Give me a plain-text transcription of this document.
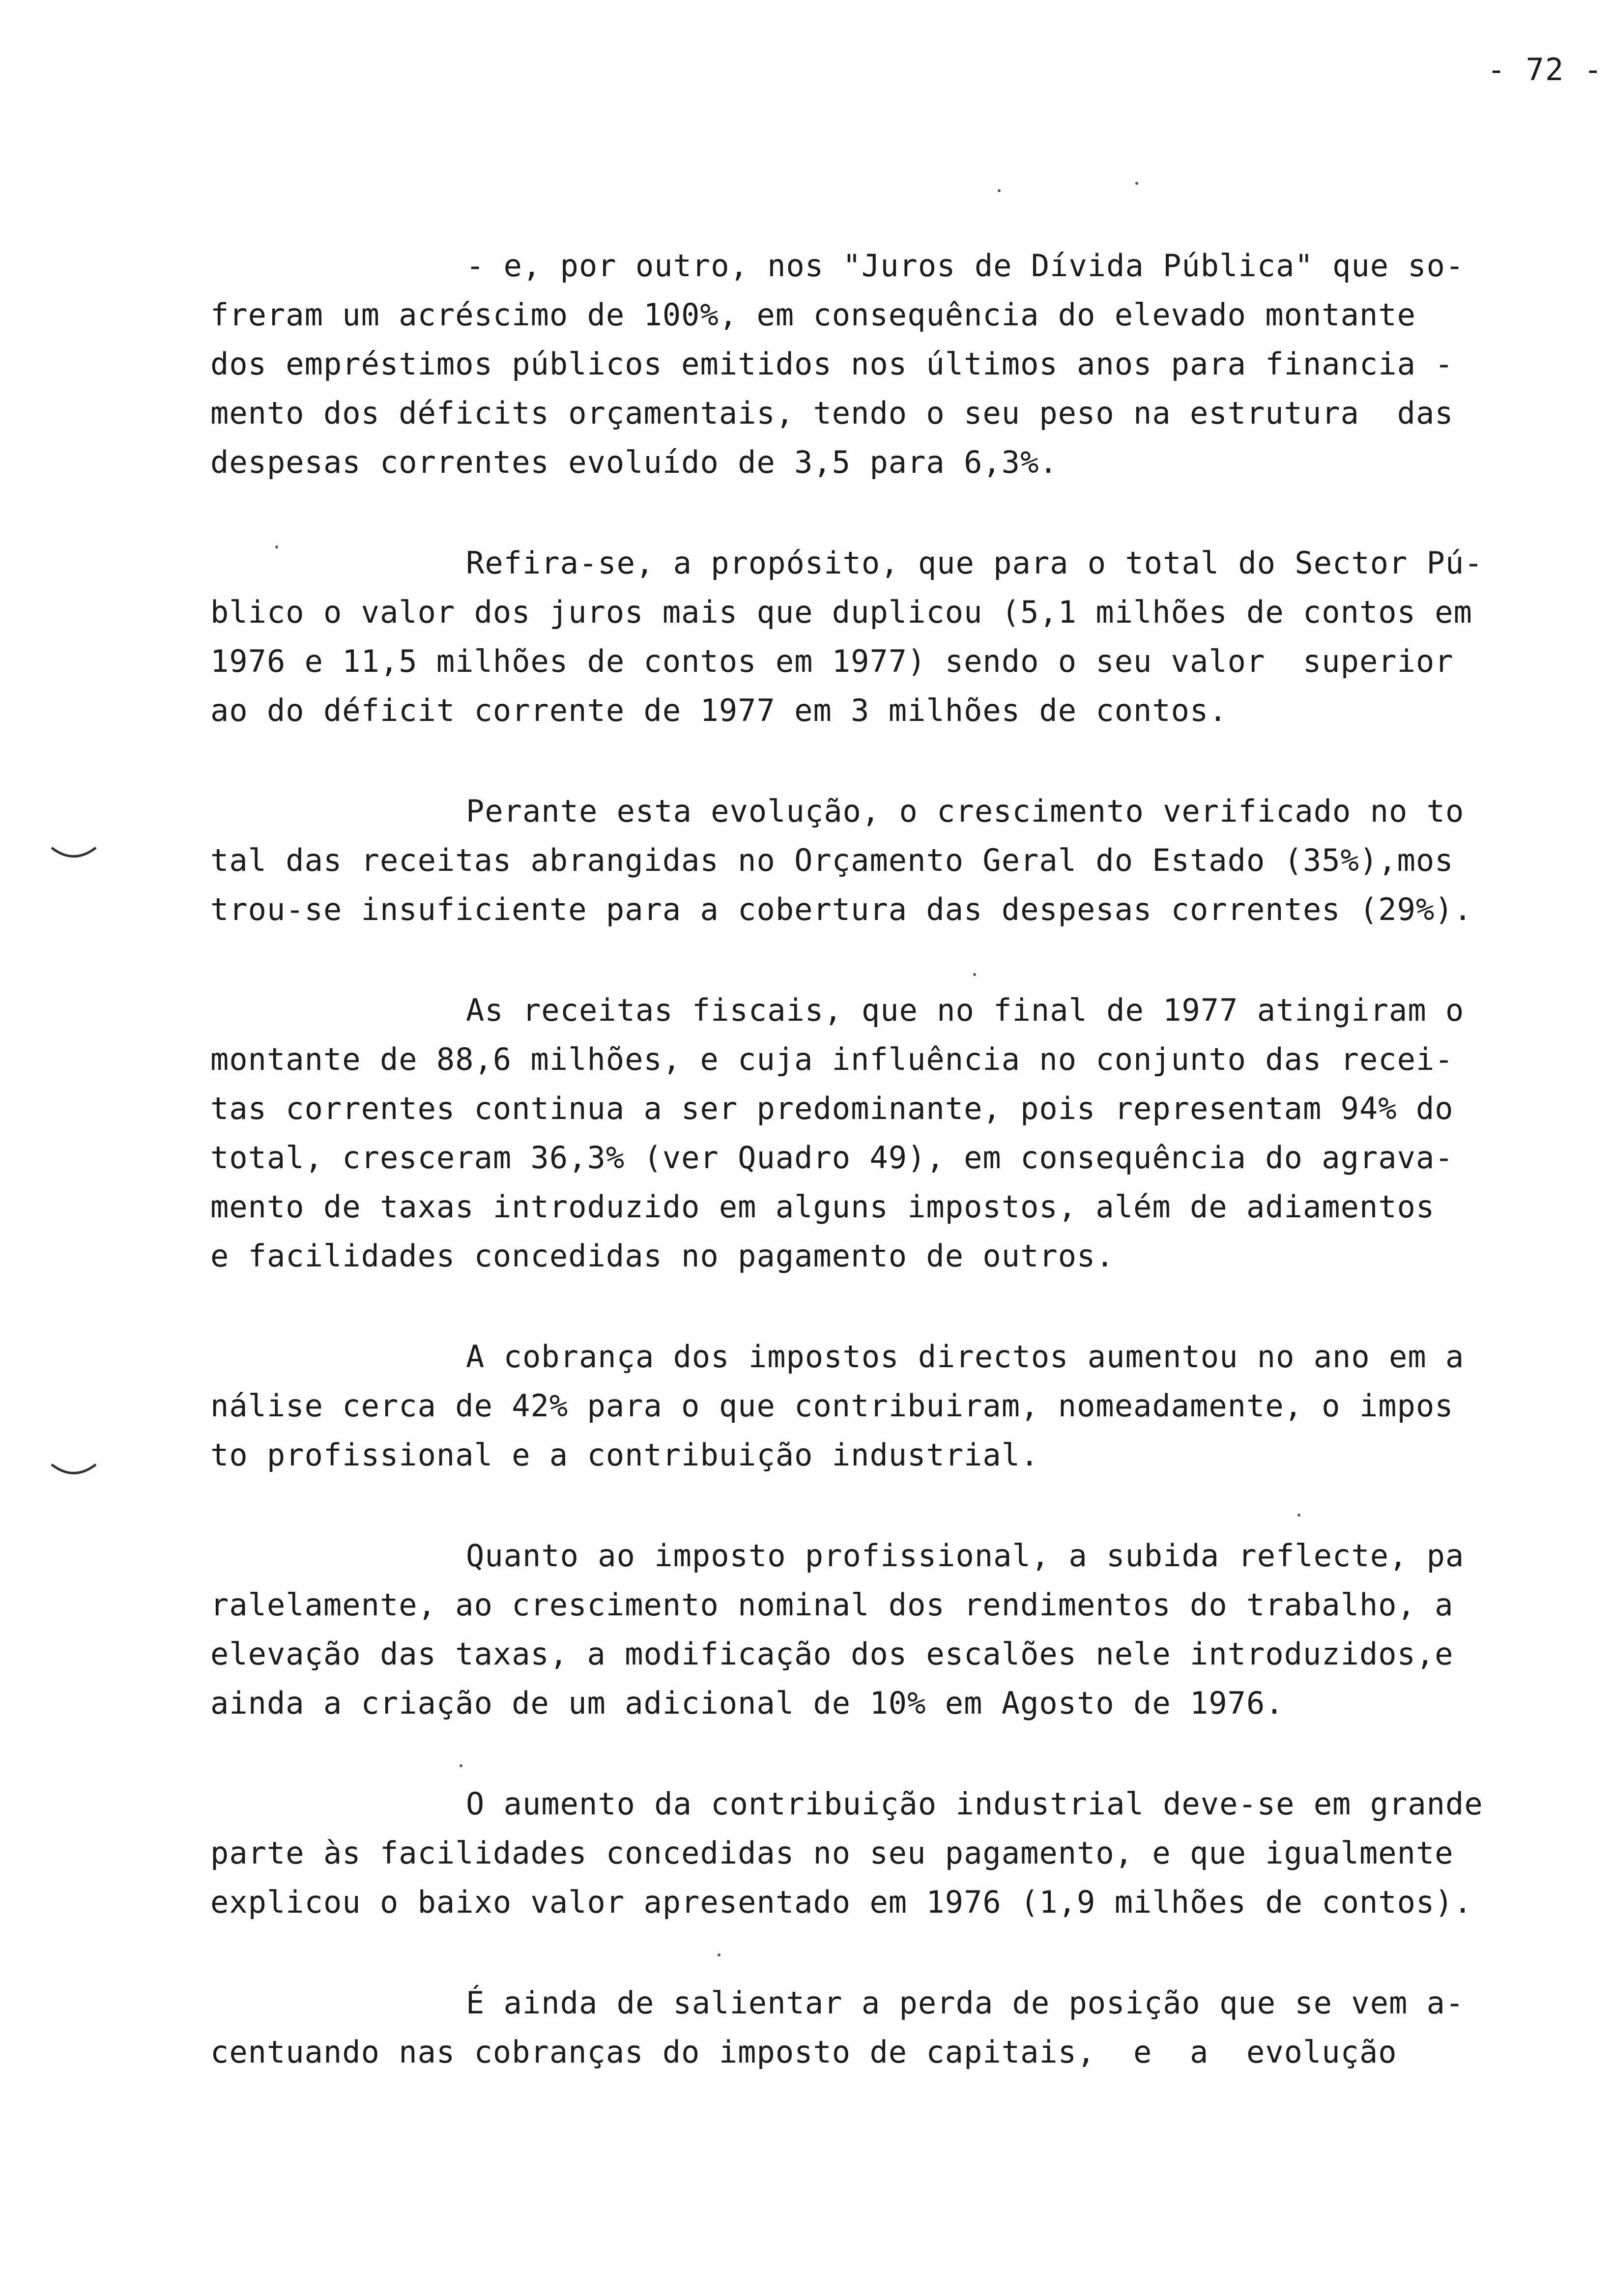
- 72 -
- e, por outro, nos "Juros de Dívida Pública" que so-
freram um acréscimo de 100%, em consequência do elevado montante
dos empréstimos públicos emitidos nos últimos anos para financia -
mento dos déficits orçamentais, tendo o seu peso na estrutura  das
despesas correntes evoluído de 3,5 para 6,3%.
Refira-se, a propósito, que para o total do Sector Pú-
blico o valor dos juros mais que duplicou (5,1 milhões de contos em
1976 e 11,5 milhões de contos em 1977) sendo o seu valor  superior
ao do déficit corrente de 1977 em 3 milhões de contos.
Perante esta evolução, o crescimento verificado no to
tal das receitas abrangidas no Orçamento Geral do Estado (35%),mos
trou-se insuficiente para a cobertura das despesas correntes (29%).
As receitas fiscais, que no final de 1977 atingiram o
montante de 88,6 milhões, e cuja influência no conjunto das recei-
tas correntes continua a ser predominante, pois representam 94% do
total, cresceram 36,3% (ver Quadro 49), em consequência do agrava-
mento de taxas introduzido em alguns impostos, além de adiamentos
e facilidades concedidas no pagamento de outros.
A cobrança dos impostos directos aumentou no ano em a
nálise cerca de 42% para o que contribuiram, nomeadamente, o impos
to profissional e a contribuição industrial.
Quanto ao imposto profissional, a subida reflecte, pa
ralelamente, ao crescimento nominal dos rendimentos do trabalho, a
elevação das taxas, a modificação dos escalões nele introduzidos,e
ainda a criação de um adicional de 10% em Agosto de 1976.
O aumento da contribuição industrial deve-se em grande
parte às facilidades concedidas no seu pagamento, e que igualmente
explicou o baixo valor apresentado em 1976 (1,9 milhões de contos).
É ainda de salientar a perda de posição que se vem a-
centuando nas cobranças do imposto de capitais,  e  a  evolução
